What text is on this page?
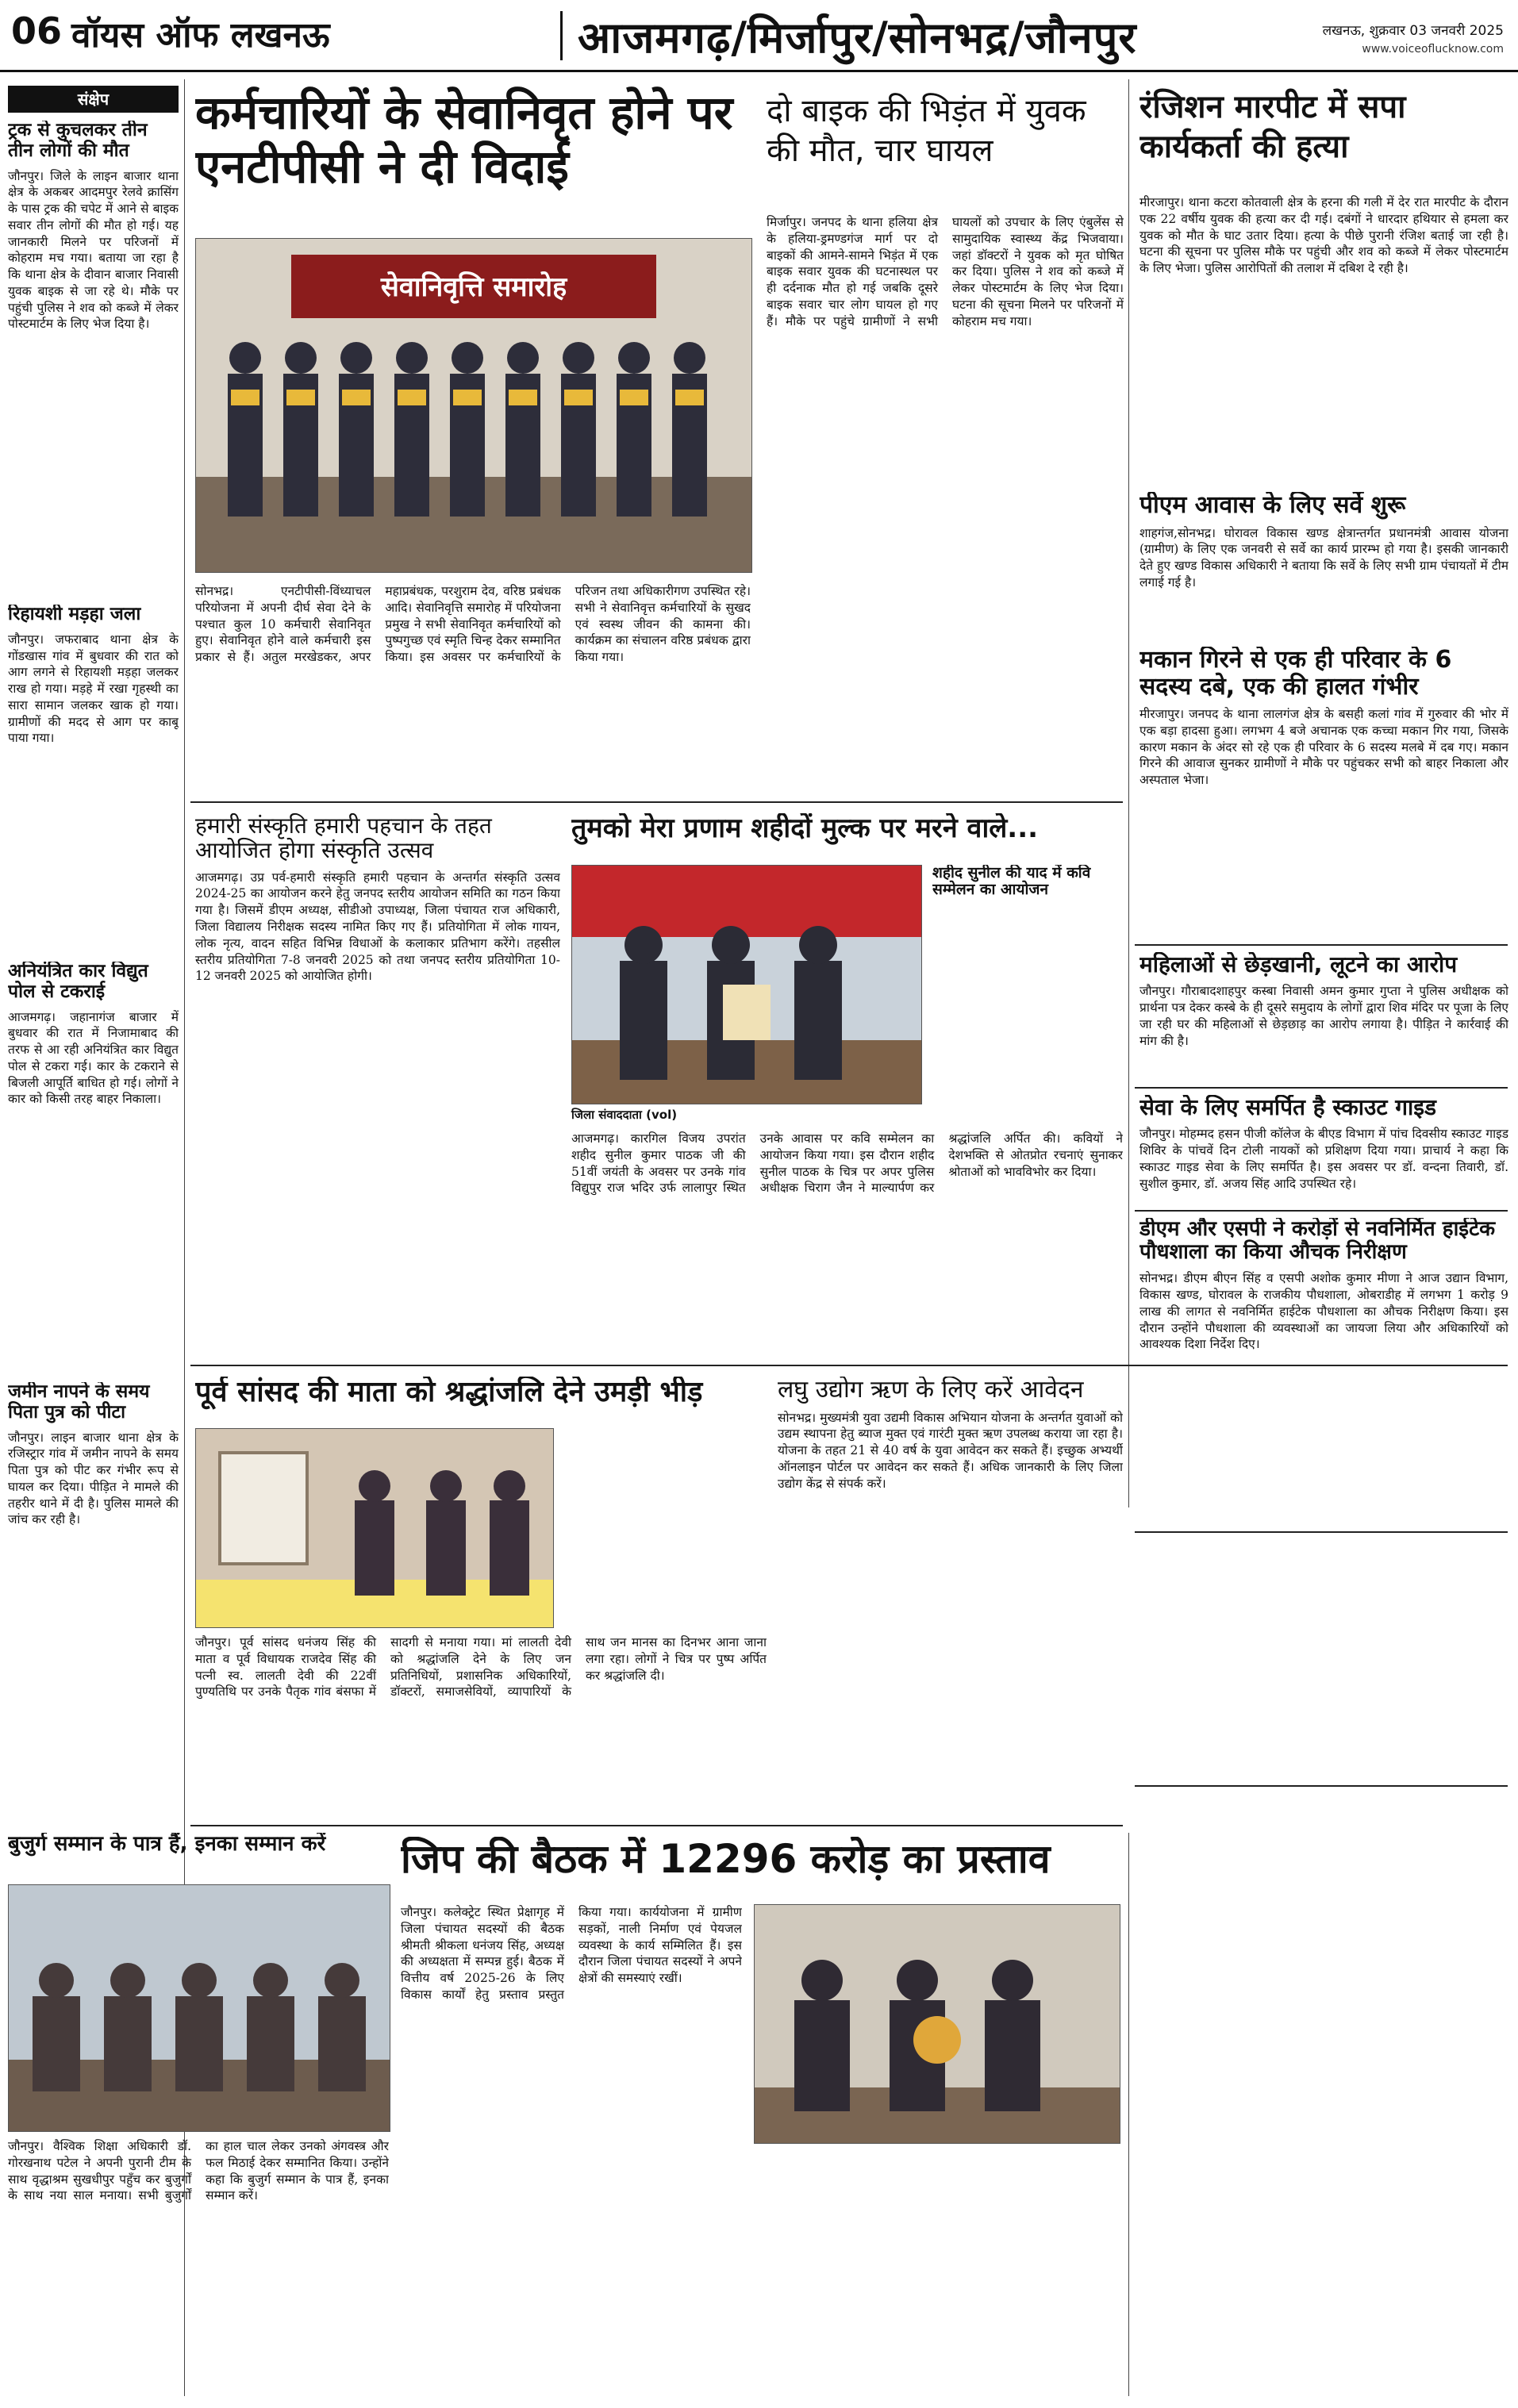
06 वॉयस ऑफ लखनऊ	आजमगढ़/मिर्जापुर/सोनभद्र/जौनपुर	लखनऊ, शुक्रवार 03 जनवरी 2025
www.voiceoflucknow.com
संक्षेप
ट्रक से कुचलकर तीन तीन लोगों की मौत

जौनपुर। जिले के लाइन बाजार थाना क्षेत्र के अकबर आदमपुर रेलवे क्रासिंग के पास ट्रक की चपेट में आने से बाइक सवार तीन लोगों की मौत हो गई। यह जानकारी मिलने पर परिजनों में कोहराम मच गया। बताया जा रहा है कि थाना क्षेत्र के दीवान बाजार निवासी युवक बाइक से जा रहे थे। मौके पर पहुंची पुलिस ने शव को कब्जे में लेकर पोस्टमार्टम के लिए भेज दिया है।

रिहायशी मड़हा जला

जौनपुर। जफराबाद थाना क्षेत्र के गोंडखास गांव में बुधवार की रात को आग लगने से रिहायशी मड़हा जलकर राख हो गया। मड़हे में रखा गृहस्थी का सारा सामान जलकर खाक हो गया। ग्रामीणों की मदद से आग पर काबू पाया गया।

अनियंत्रित कार विद्युत पोल से टकराई

आजमगढ़। जहानागंज बाजार में बुधवार की रात में निजामाबाद की तरफ से आ रही अनियंत्रित कार विद्युत पोल से टकरा गई। कार के टकराने से बिजली आपूर्ति बाधित हो गई। लोगों ने कार को किसी तरह बाहर निकाला।

जमीन नापने के समय पिता पुत्र को पीटा

जौनपुर। लाइन बाजार थाना क्षेत्र के रजिस्ट्रार गांव में जमीन नापने के समय पिता पुत्र को पीट कर गंभीर रूप से घायल कर दिया। पीड़ित ने मामले की तहरीर थाने में दी है। पुलिस मामले की जांच कर रही है।

कर्मचारियों के सेवानिवृत होने पर एनटीपीसी ने दी विदाई
सेवानिवृत्ति समारोह

सोनभद्र। एनटीपीसी-विंध्याचल परियोजना में अपनी दीर्घ सेवा देने के पश्चात कुल 10 कर्मचारी सेवानिवृत हुए। सेवानिवृत होने वाले कर्मचारी इस प्रकार से हैं। अतुल मरखेडकर, अपर महाप्रबंधक, परशुराम देव, वरिष्ठ प्रबंधक आदि। सेवानिवृत्ति समारोह में परियोजना प्रमुख ने सभी सेवानिवृत कर्मचारियों को पुष्पगुच्छ एवं स्मृति चिन्ह देकर सम्मानित किया। इस अवसर पर कर्मचारियों के परिजन तथा अधिकारीगण उपस्थित रहे। सभी ने सेवानिवृत्त कर्मचारियों के सुखद एवं स्वस्थ जीवन की कामना की। कार्यक्रम का संचालन वरिष्ठ प्रबंधक द्वारा किया गया।

दो बाइक की भिड़ंत में युवक की मौत, चार घायल

मिर्जापुर। जनपद के थाना हलिया क्षेत्र के हलिया-ड्रमण्डगंज मार्ग पर दो बाइकों की आमने-सामने भिड़ंत में एक बाइक सवार युवक की घटनास्थल पर ही दर्दनाक मौत हो गई जबकि दूसरे बाइक सवार चार लोग घायल हो गए हैं। मौके पर पहुंचे ग्रामीणों ने सभी घायलों को उपचार के लिए एंबुलेंस से सामुदायिक स्वास्थ्य केंद्र भिजवाया। जहां डॉक्टरों ने युवक को मृत घोषित कर दिया। पुलिस ने शव को कब्जे में लेकर पोस्टमार्टम के लिए भेज दिया। घटना की सूचना मिलने पर परिजनों में कोहराम मच गया।

रंजिशन मारपीट में सपा कार्यकर्ता की हत्या

मीरजापुर। थाना कटरा कोतवाली क्षेत्र के हरना की गली में देर रात मारपीट के दौरान एक 22 वर्षीय युवक की हत्या कर दी गई। दबंगों ने धारदार हथियार से हमला कर युवक को मौत के घाट उतार दिया। हत्या के पीछे पुरानी रंजिश बताई जा रही है। घटना की सूचना पर पुलिस मौके पर पहुंची और शव को कब्जे में लेकर पोस्टमार्टम के लिए भेजा। पुलिस आरोपितों की तलाश में दबिश दे रही है।

पीएम आवास के लिए सर्वे शुरू

शाहगंज,सोनभद्र। घोरावल विकास खण्ड क्षेत्रान्तर्गत प्रधानमंत्री आवास योजना (ग्रामीण) के लिए एक जनवरी से सर्वे का कार्य प्रारम्भ हो गया है। इसकी जानकारी देते हुए खण्ड विकास अधिकारी ने बताया कि सर्वे के लिए सभी ग्राम पंचायतों में टीम लगाई गई है।

मकान गिरने से एक ही परिवार के 6 सदस्य दबे, एक की हालत गंभीर

मीरजापुर। जनपद के थाना लालगंज क्षेत्र के बसही कलां गांव में गुरुवार की भोर में एक बड़ा हादसा हुआ। लगभग 4 बजे अचानक एक कच्चा मकान गिर गया, जिसके कारण मकान के अंदर सो रहे एक ही परिवार के 6 सदस्य मलबे में दब गए। मकान गिरने की आवाज सुनकर ग्रामीणों ने मौके पर पहुंचकर सभी को बाहर निकाला और अस्पताल भेजा।

महिलाओं से छेड़खानी, लूटने का आरोप

जौनपुर। गौराबादशाहपुर कस्बा निवासी अमन कुमार गुप्ता ने पुलिस अधीक्षक को प्रार्थना पत्र देकर कस्बे के ही दूसरे समुदाय के लोगों द्वारा शिव मंदिर पर पूजा के लिए जा रही घर की महिलाओं से छेड़छाड़ का आरोप लगाया है। पीड़ित ने कार्रवाई की मांग की है।

सेवा के लिए समर्पित है स्काउट गाइड

जौनपुर। मोहम्मद हसन पीजी कॉलेज के बीएड विभाग में पांच दिवसीय स्काउट गाइड शिविर के पांचवें दिन टोली नायकों को प्रशिक्षण दिया गया। प्राचार्य ने कहा कि स्काउट गाइड सेवा के लिए समर्पित है। इस अवसर पर डॉ. वन्दना तिवारी, डॉ. सुशील कुमार, डॉ. अजय सिंह आदि उपस्थित रहे।

डीएम और एसपी ने करोड़ों से नवनिर्मित हाईटेक पौधशाला का किया औचक निरीक्षण

सोनभद्र। डीएम बीएन सिंह व एसपी अशोक कुमार मीणा ने आज उद्यान विभाग, विकास खण्ड, घोरावल के राजकीय पौधशाला, ओबराडीह में लगभग 1 करोड़ 9 लाख की लागत से नवनिर्मित हाईटेक पौधशाला का औचक निरीक्षण किया। इस दौरान उन्होंने पौधशाला की व्यवस्थाओं का जायजा लिया और अधिकारियों को आवश्यक दिशा निर्देश दिए।

हमारी संस्कृति हमारी पहचान के तहत आयोजित होगा संस्कृति उत्सव

आजमगढ़। उप्र पर्व-हमारी संस्कृति हमारी पहचान के अन्तर्गत संस्कृति उत्सव 2024-25 का आयोजन करने हेतु जनपद स्तरीय आयोजन समिति का गठन किया गया है। जिसमें डीएम अध्यक्ष, सीडीओ उपाध्यक्ष, जिला पंचायत राज अधिकारी, जिला विद्यालय निरीक्षक सदस्य नामित किए गए हैं। प्रतियोगिता में लोक गायन, लोक नृत्य, वादन सहित विभिन्न विधाओं के कलाकार प्रतिभाग करेंगे। तहसील स्तरीय प्रतियोगिता 7-8 जनवरी 2025 को तथा जनपद स्तरीय प्रतियोगिता 10-12 जनवरी 2025 को आयोजित होगी।

तुमको मेरा प्रणाम शहीदों मुल्क पर मरने वाले...
जिला संवाददाता (vol)
शहीद सुनील की याद में कवि सम्मेलन का आयोजन

आजमगढ़। कारगिल विजय उपरांत शहीद सुनील कुमार पाठक जी की 51वीं जयंती के अवसर पर उनके गांव विद्युपुर राज भदिर उर्फ लालापुर स्थित उनके आवास पर कवि सम्मेलन का आयोजन किया गया। इस दौरान शहीद सुनील पाठक के चित्र पर अपर पुलिस अधीक्षक चिराग जैन ने माल्यार्पण कर श्रद्धांजलि अर्पित की। कवियों ने देशभक्ति से ओतप्रोत रचनाएं सुनाकर श्रोताओं को भावविभोर कर दिया।

पूर्व सांसद की माता को श्रद्धांजलि देने उमड़ी भीड़

जौनपुर। पूर्व सांसद धनंजय सिंह की माता व पूर्व विधायक राजदेव सिंह की पत्नी स्व. लालती देवी की 22वीं पुण्यतिथि पर उनके पैतृक गांव बंसफा में सादगी से मनाया गया। मां लालती देवी को श्रद्धांजलि देने के लिए जन प्रतिनिधियों, प्रशासनिक अधिकारियों, डॉक्टरों, समाजसेवियों, व्यापारियों के साथ जन मानस का दिनभर आना जाना लगा रहा। लोगों ने चित्र पर पुष्प अर्पित कर श्रद्धांजलि दी।

लघु उद्योग ऋण के लिए करें आवेदन

सोनभद्र। मुख्यमंत्री युवा उद्यमी विकास अभियान योजना के अन्तर्गत युवाओं को उद्यम स्थापना हेतु ब्याज मुक्त एवं गारंटी मुक्त ऋण उपलब्ध कराया जा रहा है। योजना के तहत 21 से 40 वर्ष के युवा आवेदन कर सकते हैं। इच्छुक अभ्यर्थी ऑनलाइन पोर्टल पर आवेदन कर सकते हैं। अधिक जानकारी के लिए जिला उद्योग केंद्र से संपर्क करें।

बुजुर्ग सम्मान के पात्र हैं, इनका सम्मान करें

जौनपुर। वैश्विक शिक्षा अधिकारी डॉ. गोरखनाथ पटेल ने अपनी पुरानी टीम के साथ वृद्धाश्रम सुखधीपुर पहुँच कर बुजुर्गों के साथ नया साल मनाया। सभी बुजुर्गों का हाल चाल लेकर उनको अंगवस्त्र और फल मिठाई देकर सम्मानित किया। उन्होंने कहा कि बुजुर्ग सम्मान के पात्र हैं, इनका सम्मान करें।

जिप की बैठक में 12296 करोड़ का प्रस्ताव

जौनपुर। कलेक्ट्रेट स्थित प्रेक्षागृह में जिला पंचायत सदस्यों की बैठक श्रीमती श्रीकला धनंजय सिंह, अध्यक्ष की अध्यक्षता में सम्पन्न हुई। बैठक में वित्तीय वर्ष 2025-26 के लिए विकास कार्यों हेतु प्रस्ताव प्रस्तुत किया गया। कार्ययोजना में ग्रामीण सड़कों, नाली निर्माण एवं पेयजल व्यवस्था के कार्य सम्मिलित हैं। इस दौरान जिला पंचायत सदस्यों ने अपने क्षेत्रों की समस्याएं रखीं।
